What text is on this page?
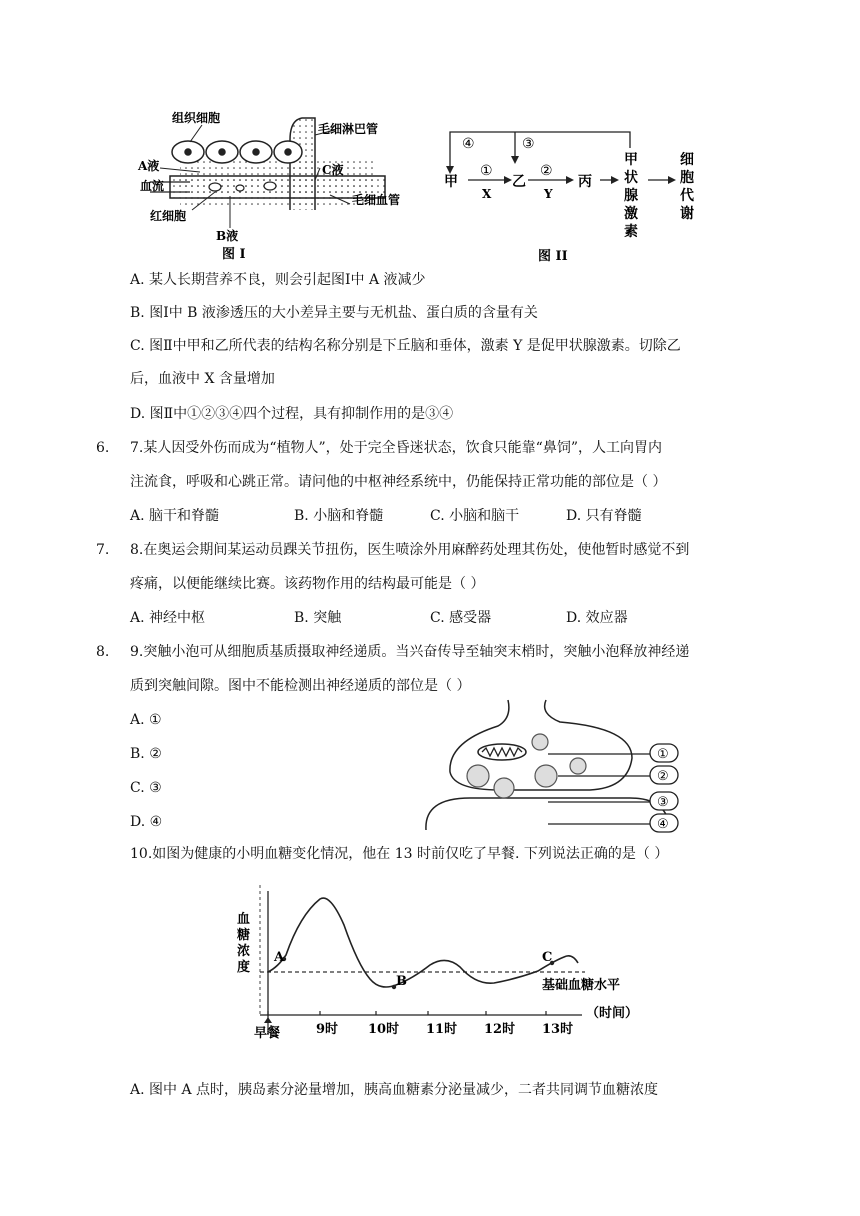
组织细胞
毛细淋巴管
A液	C液
血流
毛细血管
红细胞
B液
图 I
④	③
甲
①
X
乙
②
Y
丙
甲
状
腺
激
素
细
胞
代
谢
图 II
A. 某人长期营养不良，则会引起图Ⅰ中 A 液减少
B. 图Ⅰ中 B 液渗透压的大小差异主要与无机盐、蛋白质的含量有关
C. 图Ⅱ中甲和乙所代表的结构名称分别是下丘脑和垂体，激素 Y 是促甲状腺激素。切除乙
后，血液中 X 含量增加
D. 图Ⅱ中①②③④四个过程，具有抑制作用的是③④
6. 7.某人因受外伤而成为“植物人”，处于完全昏迷状态，饮食只能靠“鼻饲”，人工向胃内
注流食，呼吸和心跳正常。请问他的中枢神经系统中，仍能保持正常功能的部位是（ ）
A. 脑干和脊髓	B. 小脑和脊髓	C. 小脑和脑干	D. 只有脊髓
7. 8.在奥运会期间某运动员踝关节扭伤，医生喷涂外用麻醉药处理其伤处，使他暂时感觉不到
疼痛，以便能继续比赛。该药物作用的结构最可能是（ ）
A. 神经中枢	B. 突触	C. 感受器	D. 效应器
8. 9.突触小泡可从细胞质基质摄取神经递质。当兴奋传导至轴突末梢时，突触小泡释放神经递
质到突触间隙。图中不能检测出神经递质的部位是（ ）
A. ①
B. ②
C. ③
D. ④
①
②
③
④
10.如图为健康的小明血糖变化情况，他在 13 时前仅吃了早餐. 下列说法正确的是（ ）
A
B
C
血
糖
浓
度
基础血糖水平
早餐	9时 10时 11时 12时 13时
（时间）
A. 图中 A 点时，胰岛素分泌量增加，胰高血糖素分泌量减少，二者共同调节血糖浓度
